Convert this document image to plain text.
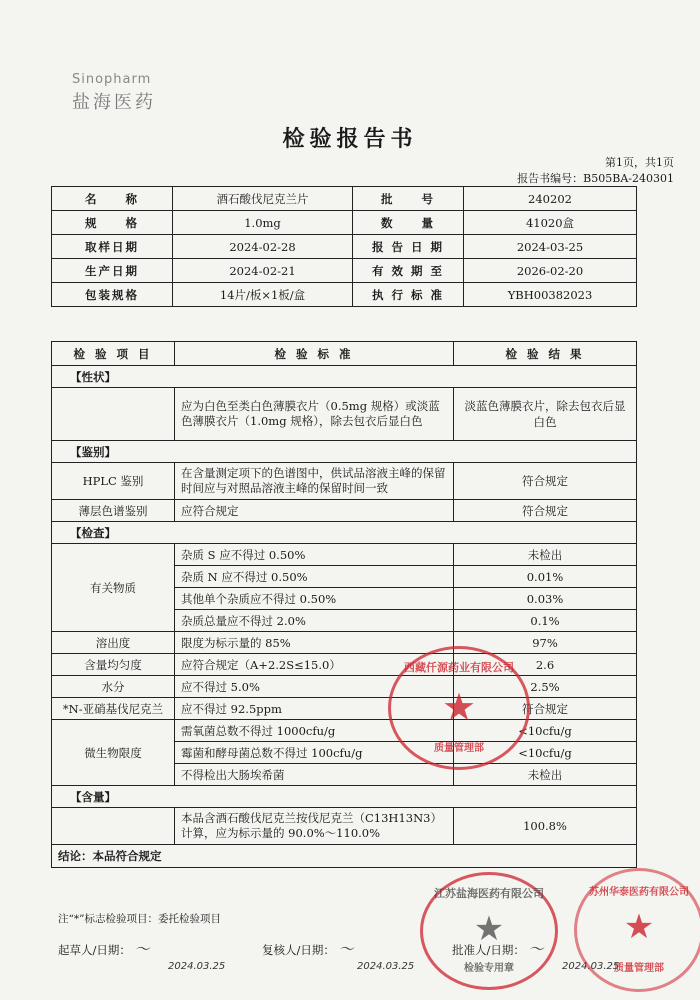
Sinopharm
盐海医药
检验报告书
第1页，共1页
报告书编号：B505BA-240301
名　　称	酒石酸伐尼克兰片	批　　号	240202
规　　格	1.0mg	数　　量	41020盒
取样日期	2024-02-28	报 告 日 期	2024-03-25
生产日期	2024-02-21	有 效 期 至	2026-02-20
包装规格	14片/板×1板/盒	执 行 标 准	YBH00382023
检 验 项 目	检 验 标 准	检 验 结 果
【性状】		
	应为白色至类白色薄膜衣片（0.5mg 规格）或淡蓝色薄膜衣片（1.0mg 规格），除去包衣后显白色	淡蓝色薄膜衣片，除去包衣后显白色
【鉴别】		
HPLC 鉴别	在含量测定项下的色谱图中，供试品溶液主峰的保留时间应与对照品溶液主峰的保留时间一致	符合规定
薄层色谱鉴别	应符合规定	符合规定
【检查】		
有关物质	杂质 S 应不得过 0.50%	未检出
	杂质 N 应不得过 0.50%	0.01%
	其他单个杂质应不得过 0.50%	0.03%
	杂质总量应不得过 2.0%	0.1%
溶出度	限度为标示量的 85%	97%
含量均匀度	应符合规定（A+2.2S≤15.0）	2.6
水分	应不得过 5.0%	2.5%
*N-亚硝基伐尼克兰	应不得过 92.5ppm	符合规定
微生物限度	需氧菌总数不得过 1000cfu/g	<10cfu/g
	霉菌和酵母菌总数不得过 100cfu/g	<10cfu/g
	不得检出大肠埃希菌	未检出
【含量】		
	本品含酒石酸伐尼克兰按伐尼克兰（C13H13N3）计算，应为标示量的 90.0%～110.0%	100.8%
结论：本品符合规定		
注“*”标志检验项目：委托检验项目
起草人/日期： ～
2024.03.25
复核人/日期： ～
2024.03.25
批准人/日期： ～
2024.03.25
西藏仟源药业有限公司
★
质量管理部
江苏盐海医药有限公司
★
检验专用章
苏州华泰医药有限公司
★
质量管理部
